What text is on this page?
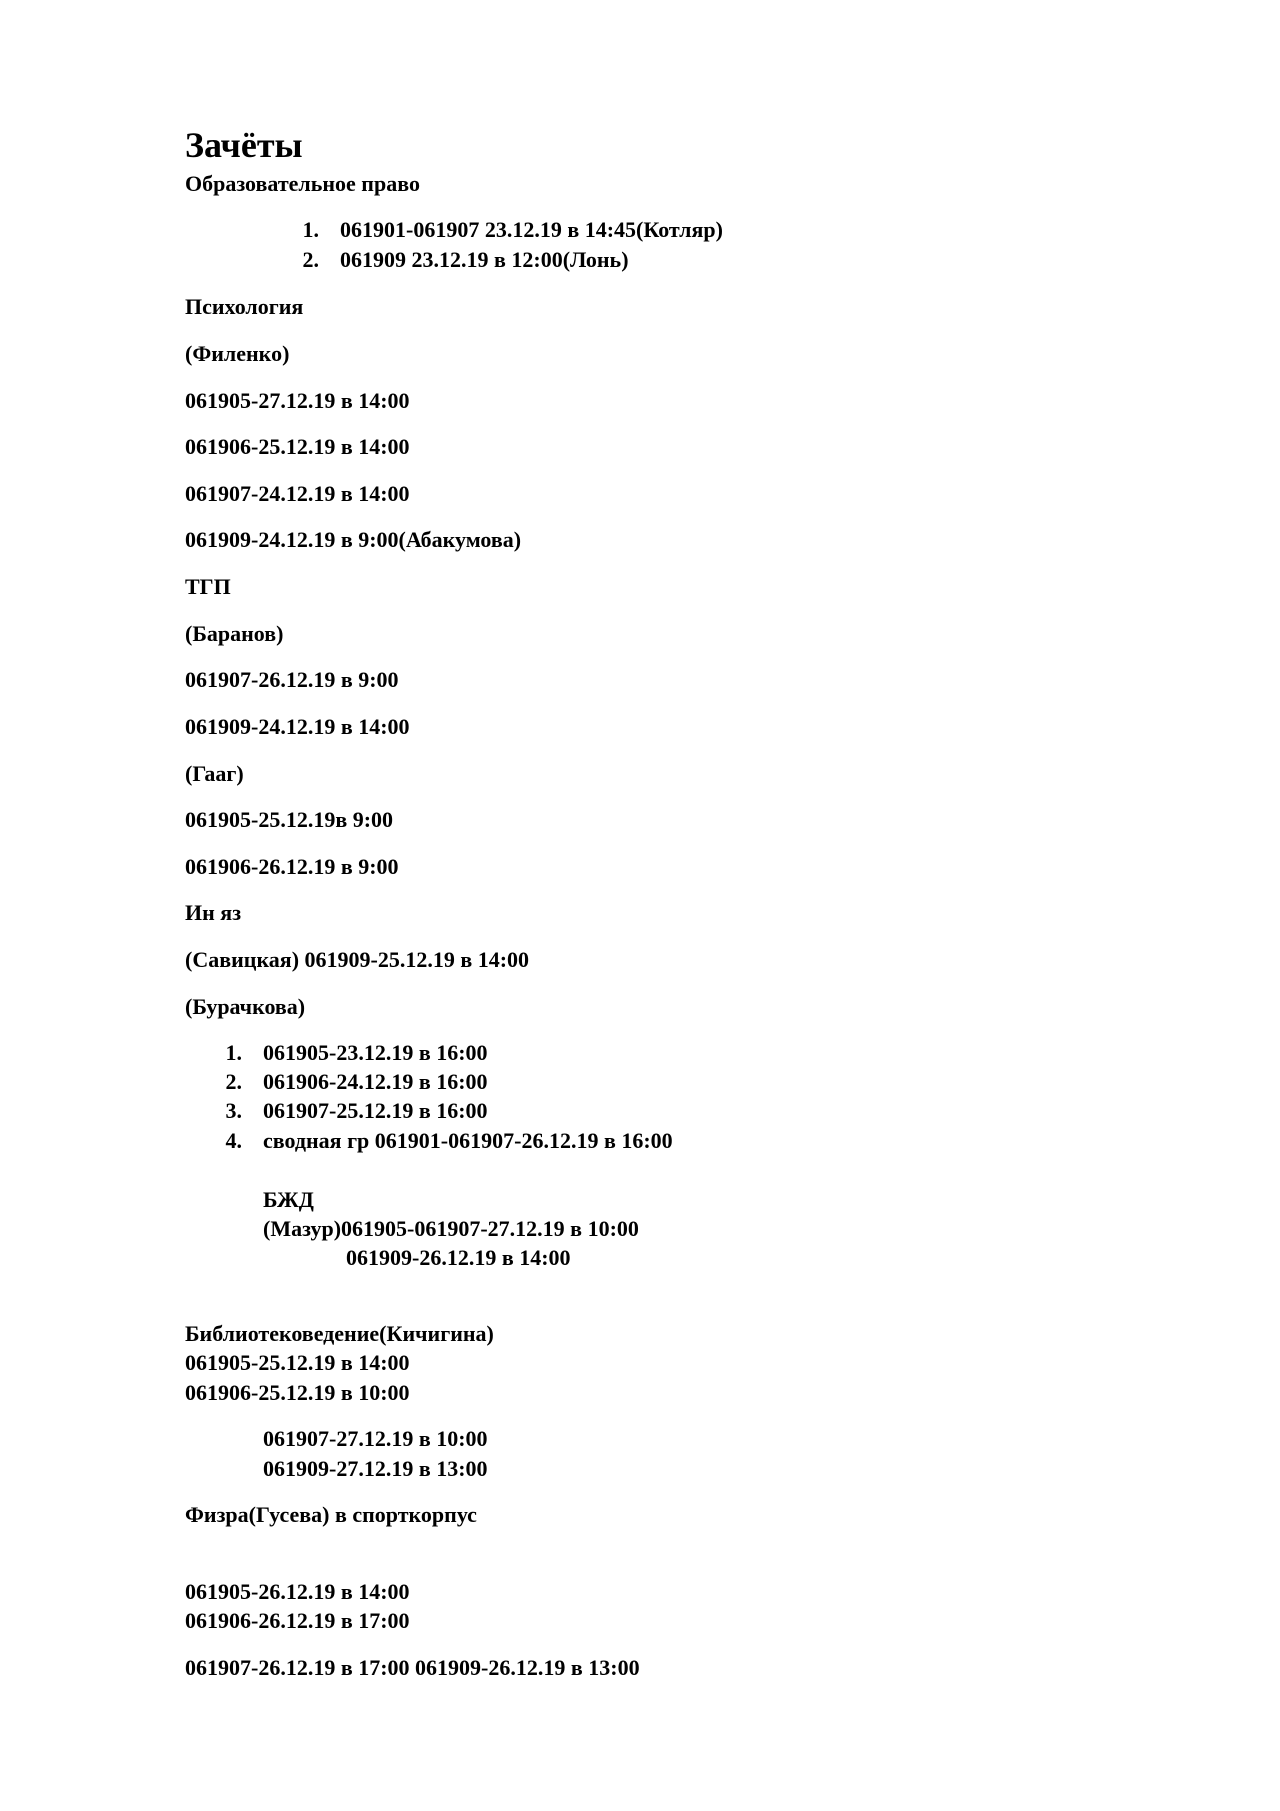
Зачёты
Образовательное право
1. 061901-061907 23.12.19 в 14:45(Котляр)
2. 061909 23.12.19 в 12:00(Лонь)
Психология
(Филенко)
061905-27.12.19 в 14:00
061906-25.12.19 в 14:00
061907-24.12.19 в 14:00
061909-24.12.19 в 9:00(Абакумова)
ТГП
(Баранов)
061907-26.12.19 в 9:00
061909-24.12.19 в 14:00
(Гааг)
061905-25.12.19в 9:00
061906-26.12.19 в 9:00
Ин яз
(Савицкая) 061909-25.12.19 в 14:00
(Бурачкова)
1. 061905-23.12.19 в 16:00
2. 061906-24.12.19 в 16:00
3. 061907-25.12.19 в 16:00
4. сводная гр 061901-061907-26.12.19 в 16:00
БЖД
(Мазур)061905-061907-27.12.19 в 10:00
061909-26.12.19 в 14:00
Библиотековедение(Кичигина)
061905-25.12.19 в 14:00
061906-25.12.19 в 10:00
061907-27.12.19 в 10:00
061909-27.12.19 в 13:00
Физра(Гусева) в спорткорпус
061905-26.12.19 в 14:00
061906-26.12.19 в 17:00
061907-26.12.19 в 17:00 061909-26.12.19 в 13:00
